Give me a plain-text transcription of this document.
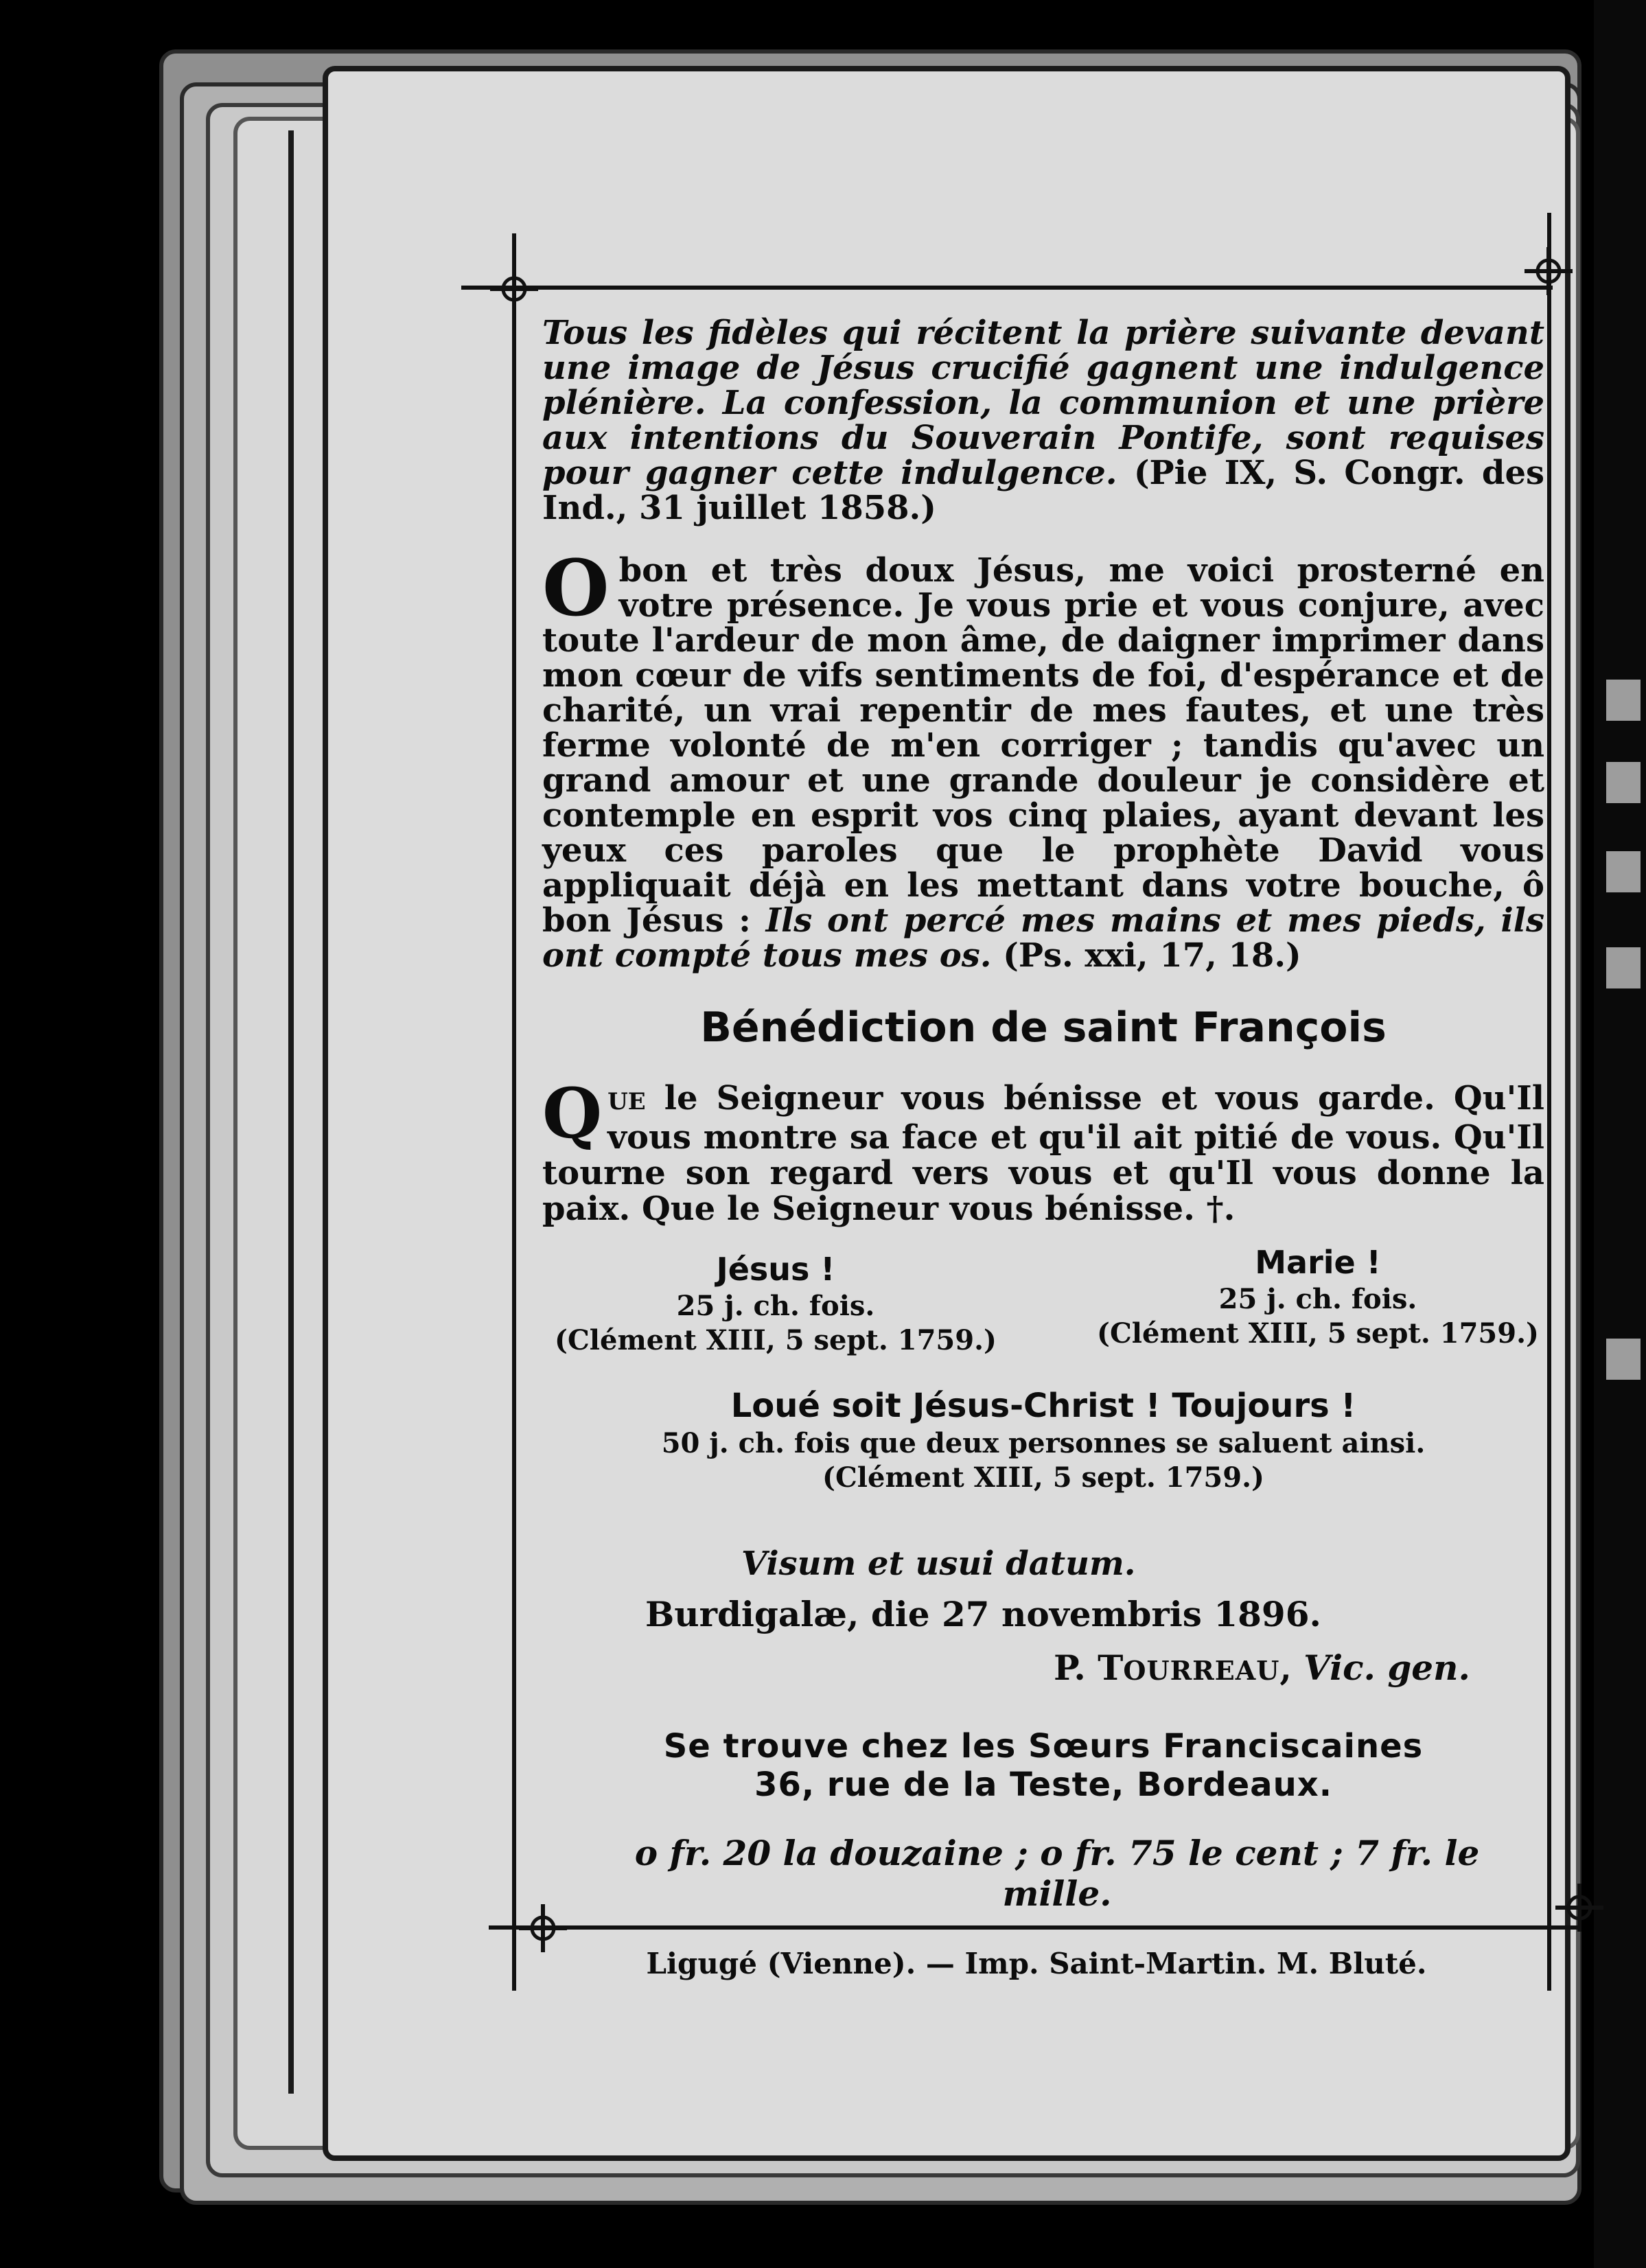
Tous les fidèles qui récitent la prière suivante devant une image de Jésus crucifié gagnent une indulgence plénière. La confession, la communion et une prière aux intentions du Souverain Pontife, sont requises pour gagner cette indulgence. (Pie IX, S. Congr. des Ind., 31 juillet 1858.)
O bon et très doux Jésus, me voici prosterné en votre présence. Je vous prie et vous conjure, avec toute l'ardeur de mon âme, de daigner imprimer dans mon cœur de vifs sentiments de foi, d'espérance et de charité, un vrai repentir de mes fautes, et une très ferme volonté de m'en corriger ; tandis qu'avec un grand amour et une grande douleur je considère et contemple en esprit vos cinq plaies, ayant devant les yeux ces paroles que le prophète David vous appliquait déjà en les mettant dans votre bouche, ô bon Jésus : Ils ont percé mes mains et mes pieds, ils ont compté tous mes os. (Ps. xxi, 17, 18.)
Bénédiction de saint François
QUE le Seigneur vous bénisse et vous garde. Qu'Il vous montre sa face et qu'il ait pitié de vous. Qu'Il tourne son regard vers vous et qu'Il vous donne la paix. Que le Seigneur vous bénisse. †.
Jésus !
25 j. ch. fois.
(Clément XIII, 5 sept. 1759.)
Marie !
25 j. ch. fois.
(Clément XIII, 5 sept. 1759.)
Loué soit Jésus-Christ ! Toujours !
50 j. ch. fois que deux personnes se saluent ainsi.
(Clément XIII, 5 sept. 1759.)
Visum et usui datum.
Burdigalæ, die 27 novembris 1896.
P. TOURREAU, Vic. gen.
Se trouve chez les Sœurs Franciscaines
36, rue de la Teste, Bordeaux.
o fr. 20 la douzaine ; o fr. 75 le cent ; 7 fr. le mille.
Ligugé (Vienne). — Imp. Saint-Martin. M. Bluté.
